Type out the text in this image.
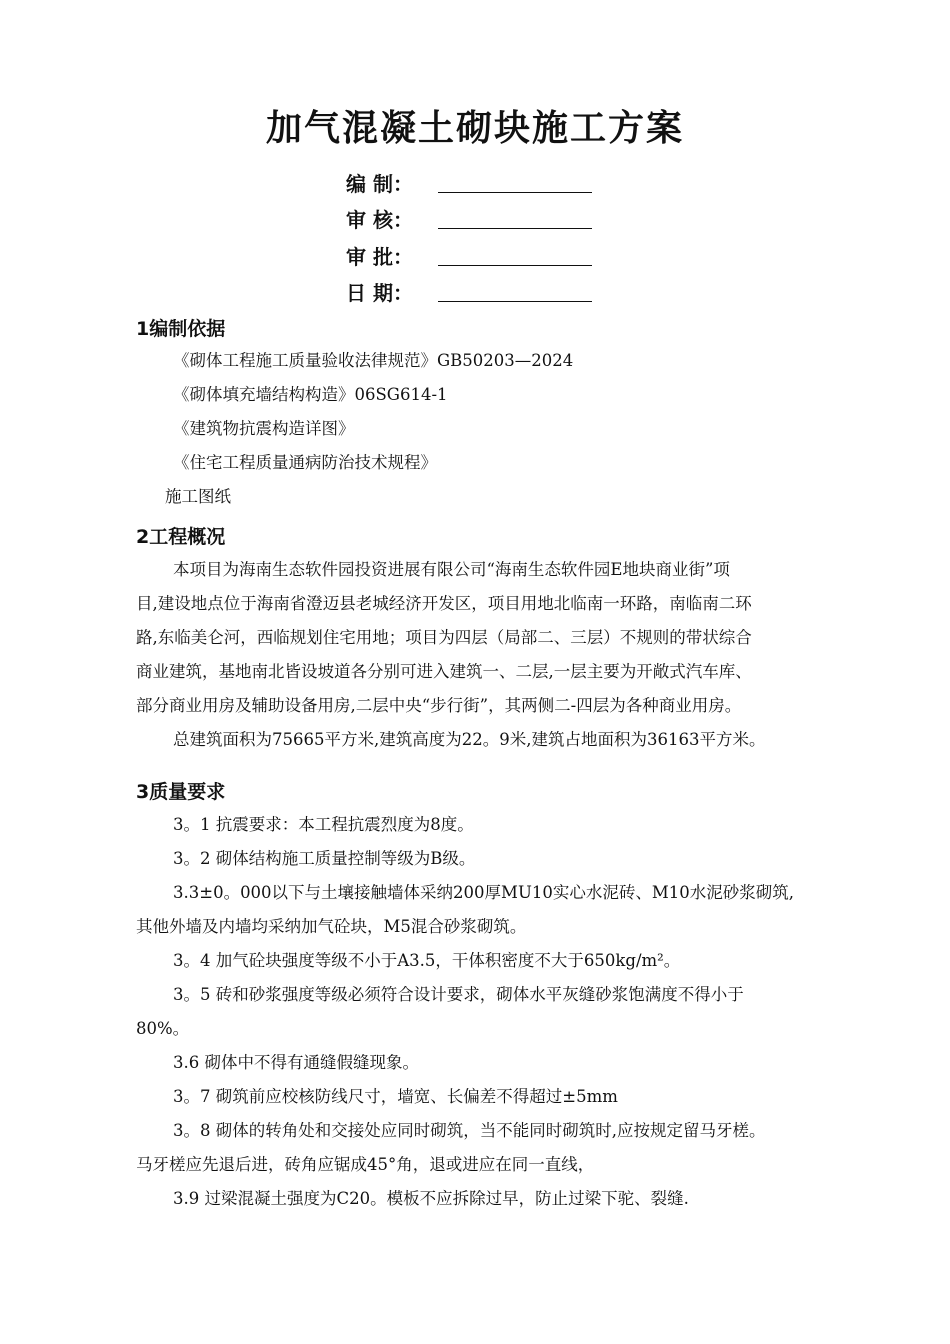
加气混凝土砌块施工方案
编 制：
审 核：
审 批：
日 期：
1编制依据
《砌体工程施工质量验收法律规范》GB50203—2024
《砌体填充墙结构构造》06SG614-1
《建筑物抗震构造详图》
《住宅工程质量通病防治技术规程》
施工图纸
2工程概况
本项目为海南生态软件园投资进展有限公司“海南生态软件园E地块商业街”项
目,建设地点位于海南省澄迈县老城经济开发区，项目用地北临南一环路，南临南二环
路,东临美仑河，西临规划住宅用地；项目为四层（局部二、三层）不规则的带状综合
商业建筑，基地南北皆设坡道各分别可进入建筑一、二层,一层主要为开敞式汽车库、
部分商业用房及辅助设备用房,二层中央“步行街”，其两侧二-四层为各种商业用房。
总建筑面积为75665平方米,建筑高度为22。9米,建筑占地面积为36163平方米。
3质量要求
3。1 抗震要求：本工程抗震烈度为8度。
3。2 砌体结构施工质量控制等级为B级。
3.3±0。000以下与土壤接触墙体采纳200厚MU10实心水泥砖、M10水泥砂浆砌筑,
其他外墙及内墙均采纳加气砼块，M5混合砂浆砌筑。
3。4 加气砼块强度等级不小于A3.5，干体积密度不大于650kg/m²。
3。5 砖和砂浆强度等级必须符合设计要求，砌体水平灰缝砂浆饱满度不得小于
80%。
3.6 砌体中不得有通缝假缝现象。
3。7 砌筑前应校核防线尺寸，墙宽、长偏差不得超过±5mm
3。8 砌体的转角处和交接处应同时砌筑，当不能同时砌筑时,应按规定留马牙槎。
马牙槎应先退后进，砖角应锯成45°角，退或进应在同一直线，
3.9 过梁混凝土强度为C20。模板不应拆除过早，防止过梁下驼、裂缝.
